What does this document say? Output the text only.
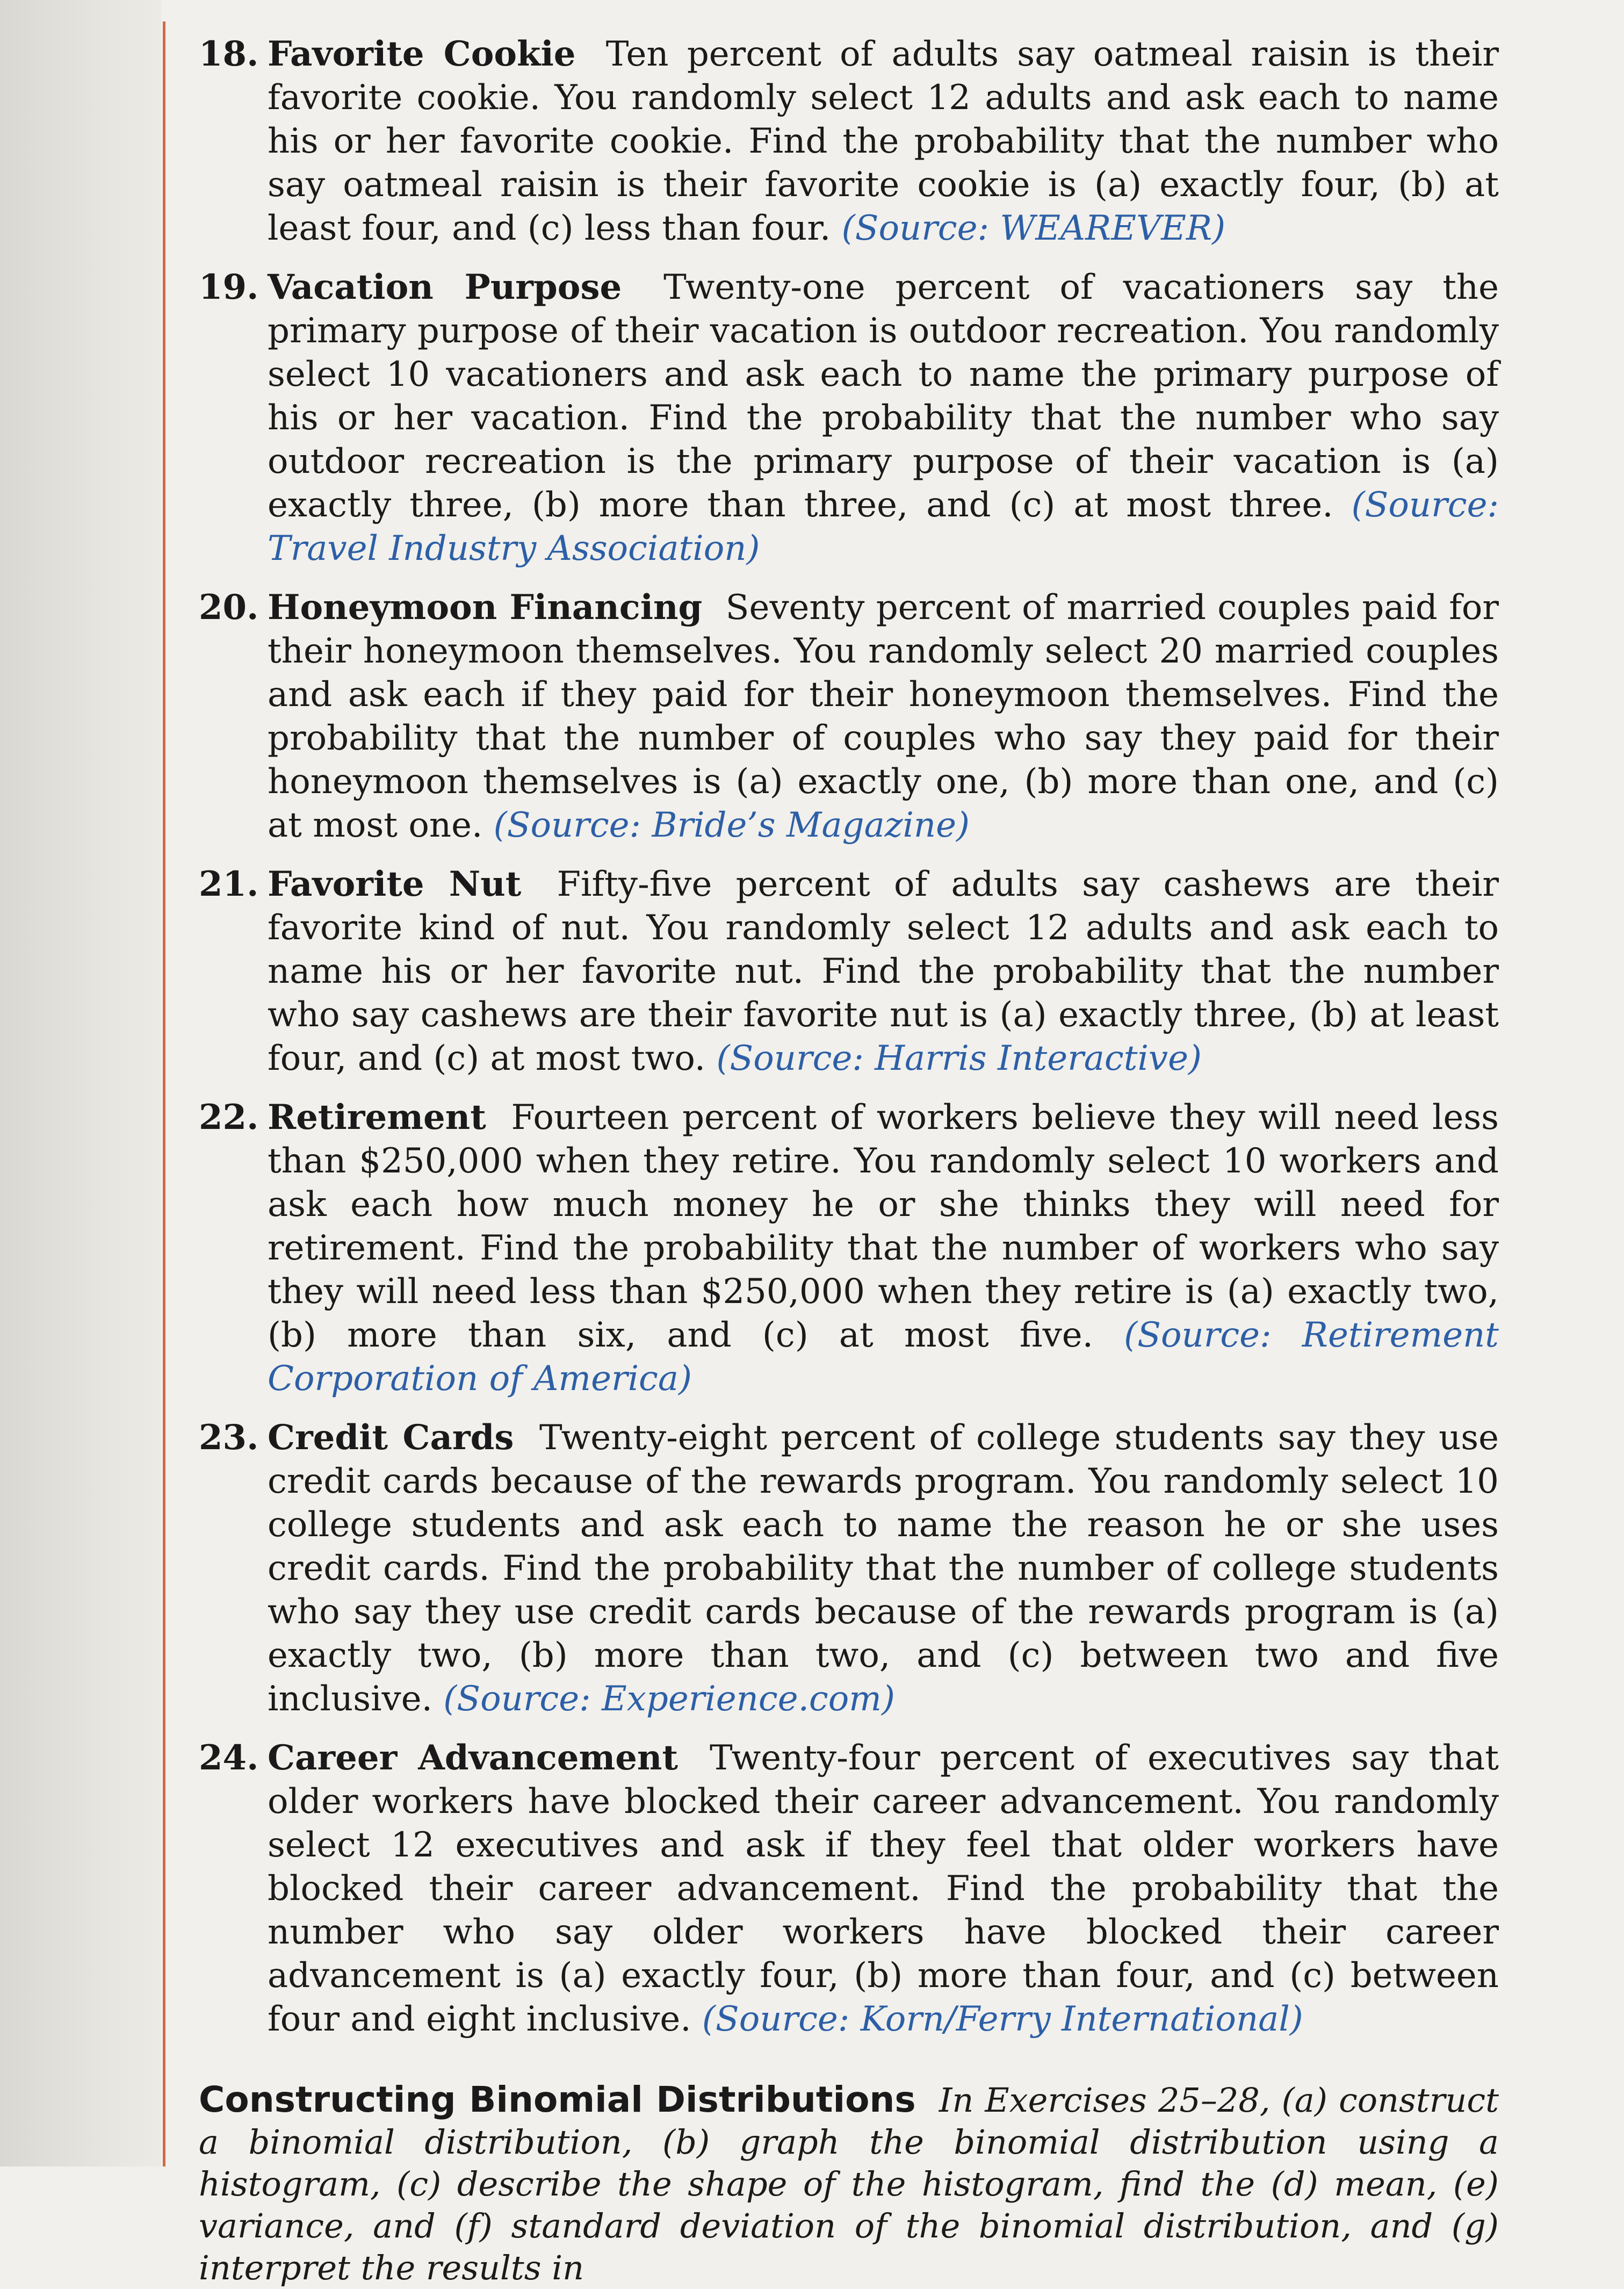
18. Favorite Cookie Ten percent of adults say oatmeal raisin is their favorite cookie. You randomly select 12 adults and ask each to name his or her favorite cookie. Find the probability that the number who say oatmeal raisin is their favorite cookie is (a) exactly four, (b) at least four, and (c) less than four. (Source: WEAREVER)
19. Vacation Purpose Twenty-one percent of vacationers say the primary purpose of their vacation is outdoor recreation. You randomly select 10 vacationers and ask each to name the primary purpose of his or her vacation. Find the probability that the number who say outdoor recreation is the primary purpose of their vacation is (a) exactly three, (b) more than three, and (c) at most three. (Source: Travel Industry Association)
20. Honeymoon Financing Seventy percent of married couples paid for their honeymoon themselves. You randomly select 20 married couples and ask each if they paid for their honeymoon themselves. Find the probability that the number of couples who say they paid for their honeymoon themselves is (a) exactly one, (b) more than one, and (c) at most one. (Source: Bride’s Magazine)
21. Favorite Nut Fifty-five percent of adults say cashews are their favorite kind of nut. You randomly select 12 adults and ask each to name his or her favorite nut. Find the probability that the number who say cashews are their favorite nut is (a) exactly three, (b) at least four, and (c) at most two. (Source: Harris Interactive)
22. Retirement Fourteen percent of workers believe they will need less than $250,000 when they retire. You randomly select 10 workers and ask each how much money he or she thinks they will need for retirement. Find the probability that the number of workers who say they will need less than $250,000 when they retire is (a) exactly two, (b) more than six, and (c) at most five. (Source: Retirement Corporation of America)
23. Credit Cards Twenty-eight percent of college students say they use credit cards because of the rewards program. You randomly select 10 college students and ask each to name the reason he or she uses credit cards. Find the probability that the number of college students who say they use credit cards because of the rewards program is (a) exactly two, (b) more than two, and (c) between two and five inclusive. (Source: Experience.com)
24. Career Advancement Twenty-four percent of executives say that older workers have blocked their career advancement. You randomly select 12 executives and ask if they feel that older workers have blocked their career advancement. Find the probability that the number who say older workers have blocked their career advancement is (a) exactly four, (b) more than four, and (c) between four and eight inclusive. (Source: Korn/Ferry International)
Constructing Binomial Distributions In Exercises 25–28, (a) construct a binomial distribution, (b) graph the binomial distribution using a histogram, (c) describe the shape of the histogram, find the (d) mean, (e) variance, and (f) standard deviation of the binomial distribution, and (g) interpret the results in
